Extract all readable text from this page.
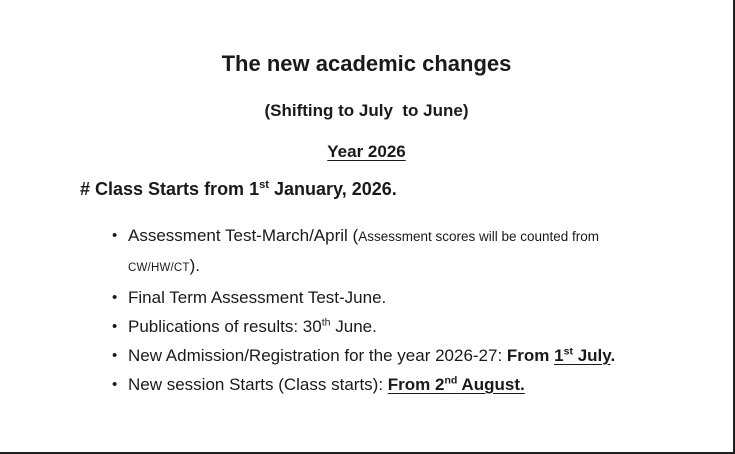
The new academic changes
(Shifting to July  to June)
Year 2026

# Class Starts from 1st January, 2026.

• Assessment Test-March/April (Assessment scores will be counted from
CW/HW/CT).
• Final Term Assessment Test-June.
• Publications of results: 30th June.
• New Admission/Registration for the year 2026-27: From 1st July.
• New session Starts (Class starts): From 2nd August.
